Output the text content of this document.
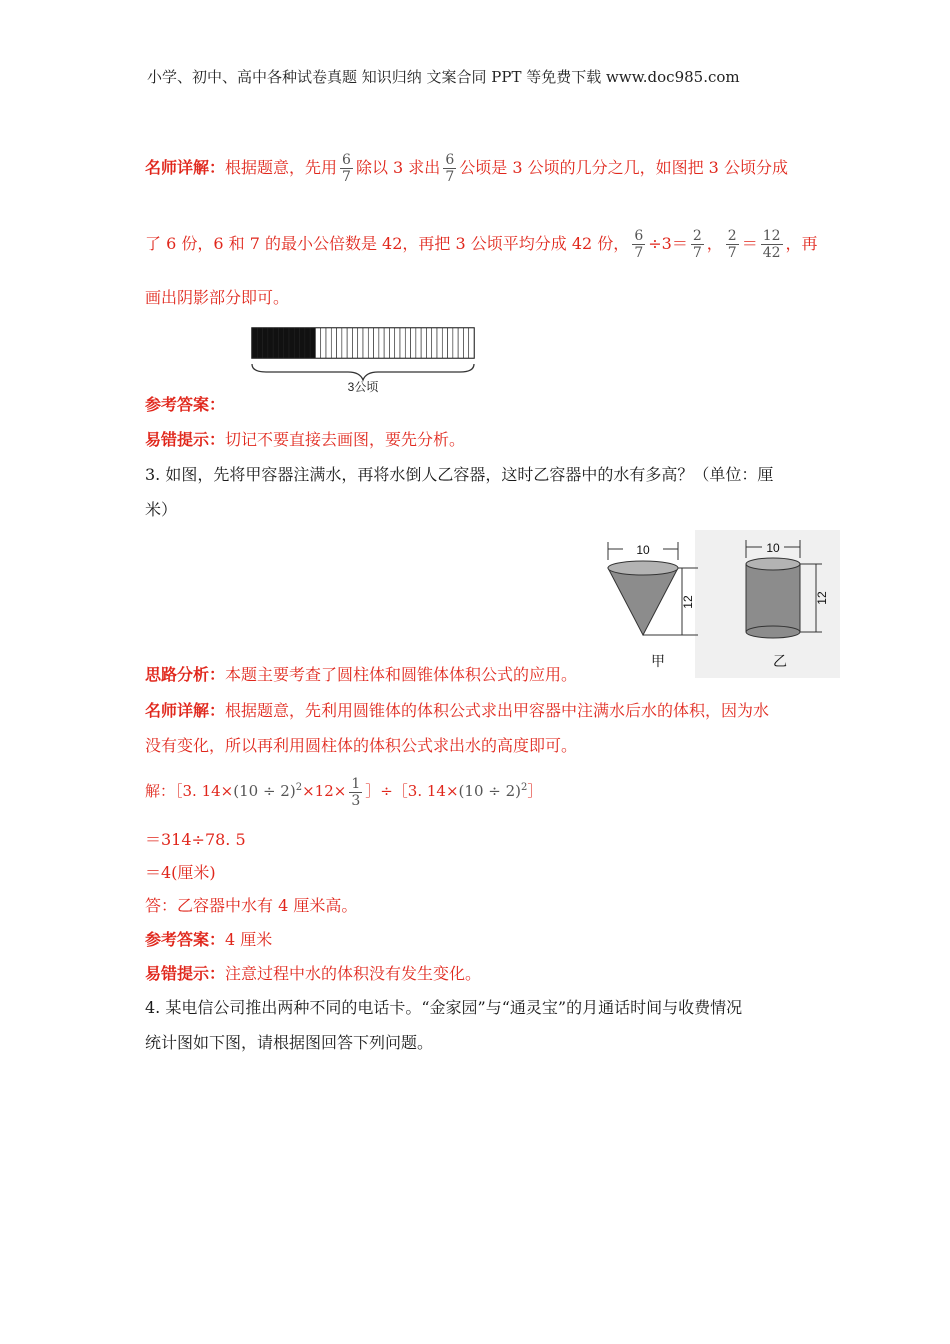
小学、初中、高中各种试卷真题 知识归纳 文案合同 PPT 等免费下载 www.doc985.com
名师详解：根据题意，先用 $\frac{6}{7}$ 除以 3 求出 $\frac{6}{7}$ 公顷是 3 公顷的几分之几，如图把 3 公顷分成
了 6 份，6 和 7 的最小公倍数是 42，再把 3 公顷平均分成 42 份， $\frac{6}{7} \div 3= \frac{2}{7}$ ， $\frac{2}{7} = \frac{12}{42}$ ，再
画出阴影部分即可。
3公顷
参考答案：
易错提示：切记不要直接去画图，要先分析。
3. 如图，先将甲容器注满水，再将水倒人乙容器，这时乙容器中的水有多高？（单位：厘
米）
10
12
甲
10
12
乙
思路分析：本题主要考查了圆柱体和圆锥体体积公式的应用。
名师详解：根据题意，先利用圆锥体的体积公式求出甲容器中注满水后水的体积，因为水
没有变化，所以再利用圆柱体的体积公式求出水的高度即可。
解：［3. $14\times(10 \div 2)^2\times 12\times \frac{1}{3}$ ］÷［3. $14\times(10 \div 2)^2]$
＝314÷78. 5
＝4(厘米)
答：乙容器中水有 4 厘米高。
参考答案：4 厘米
易错提示：注意过程中水的体积没有发生变化。
4. 某电信公司推出两种不同的电话卡。“金家园”与“通灵宝”的月通话时间与收费情况
统计图如下图，请根据图回答下列问题。
